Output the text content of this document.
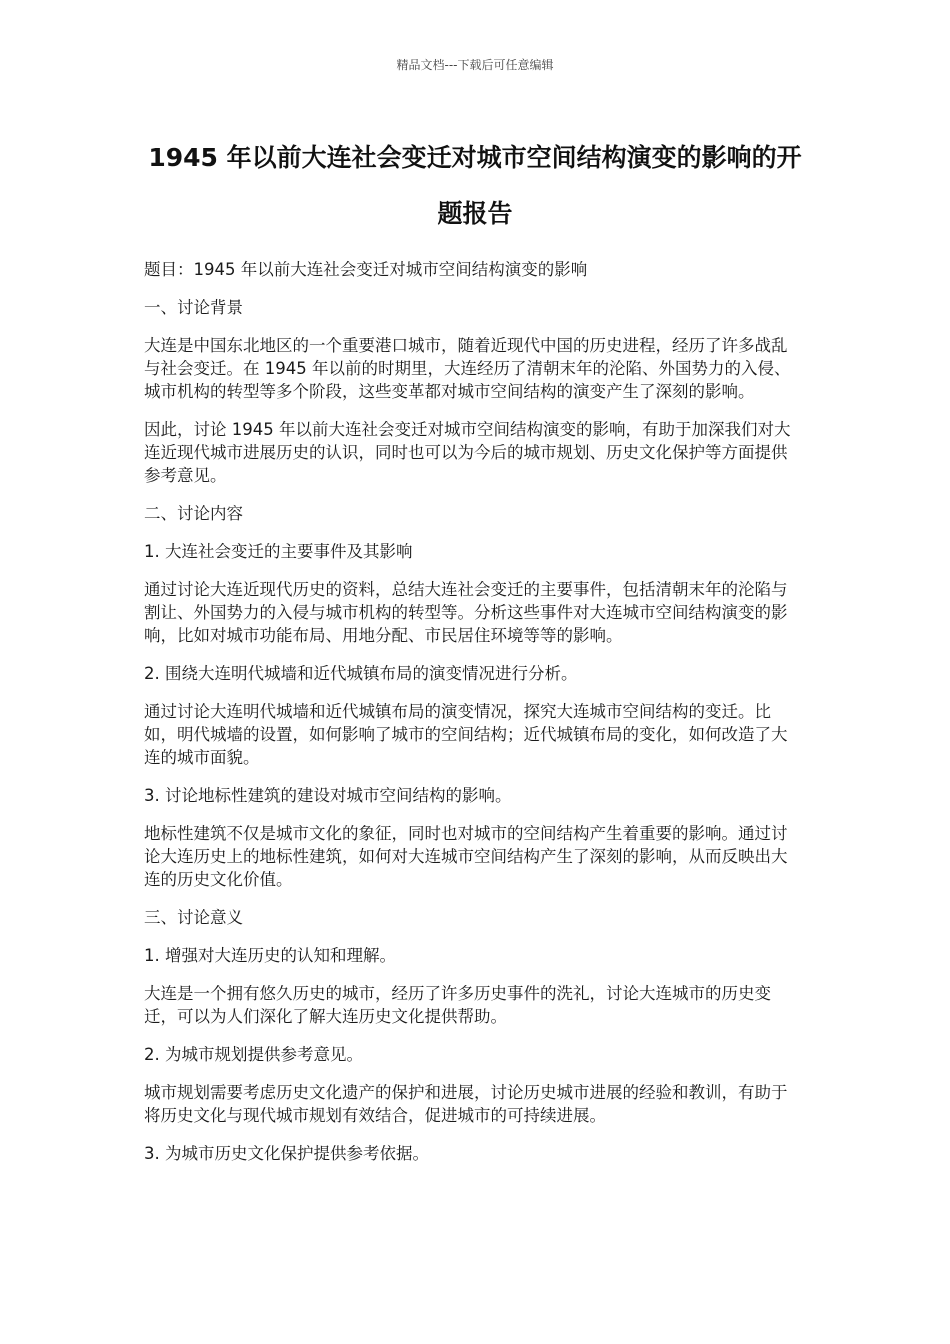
精品文档---下载后可任意编辑
1945 年以前大连社会变迁对城市空间结构演变的影响的开题报告

题目：1945 年以前大连社会变迁对城市空间结构演变的影响

一、讨论背景

大连是中国东北地区的一个重要港口城市，随着近现代中国的历史进程，经历了许多战乱与社会变迁。在 1945 年以前的时期里，大连经历了清朝末年的沦陷、外国势力的入侵、城市机构的转型等多个阶段，这些变革都对城市空间结构的演变产生了深刻的影响。

因此，讨论 1945 年以前大连社会变迁对城市空间结构演变的影响，有助于加深我们对大连近现代城市进展历史的认识，同时也可以为今后的城市规划、历史文化保护等方面提供参考意见。

二、讨论内容

1. 大连社会变迁的主要事件及其影响

通过讨论大连近现代历史的资料，总结大连社会变迁的主要事件，包括清朝末年的沦陷与割让、外国势力的入侵与城市机构的转型等。分析这些事件对大连城市空间结构演变的影响，比如对城市功能布局、用地分配、市民居住环境等等的影响。

2. 围绕大连明代城墙和近代城镇布局的演变情况进行分析。

通过讨论大连明代城墙和近代城镇布局的演变情况，探究大连城市空间结构的变迁。比如，明代城墙的设置，如何影响了城市的空间结构；近代城镇布局的变化，如何改造了大连的城市面貌。

3. 讨论地标性建筑的建设对城市空间结构的影响。

地标性建筑不仅是城市文化的象征，同时也对城市的空间结构产生着重要的影响。通过讨论大连历史上的地标性建筑，如何对大连城市空间结构产生了深刻的影响，从而反映出大连的历史文化价值。

三、讨论意义

1. 增强对大连历史的认知和理解。

大连是一个拥有悠久历史的城市，经历了许多历史事件的洗礼，讨论大连城市的历史变迁，可以为人们深化了解大连历史文化提供帮助。

2. 为城市规划提供参考意见。

城市规划需要考虑历史文化遗产的保护和进展，讨论历史城市进展的经验和教训，有助于将历史文化与现代城市规划有效结合，促进城市的可持续进展。

3. 为城市历史文化保护提供参考依据。
